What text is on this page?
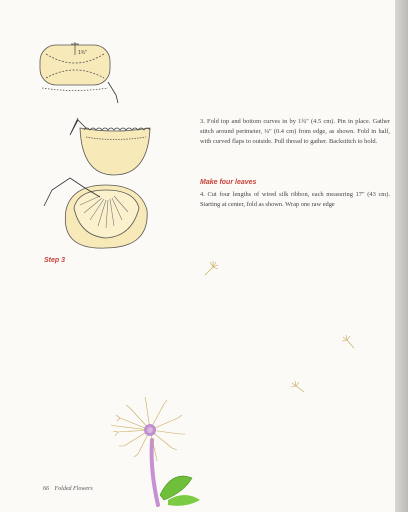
1¾"
Step 3

3. Fold top and bottom curves in by 1¾" (4.5 cm). Pin in place. Gather stitch around perimeter, ¼" (0.4 cm) from edge, as shown. Fold in half, with curved flaps to outside. Pull thread to gather. Backstitch to hold.

Make four leaves

4. Cut four lengths of wired silk ribbon, each measuring 17" (43 cm). Starting at center, fold as shown. Wrap one raw edge

66 Folded Flowers
